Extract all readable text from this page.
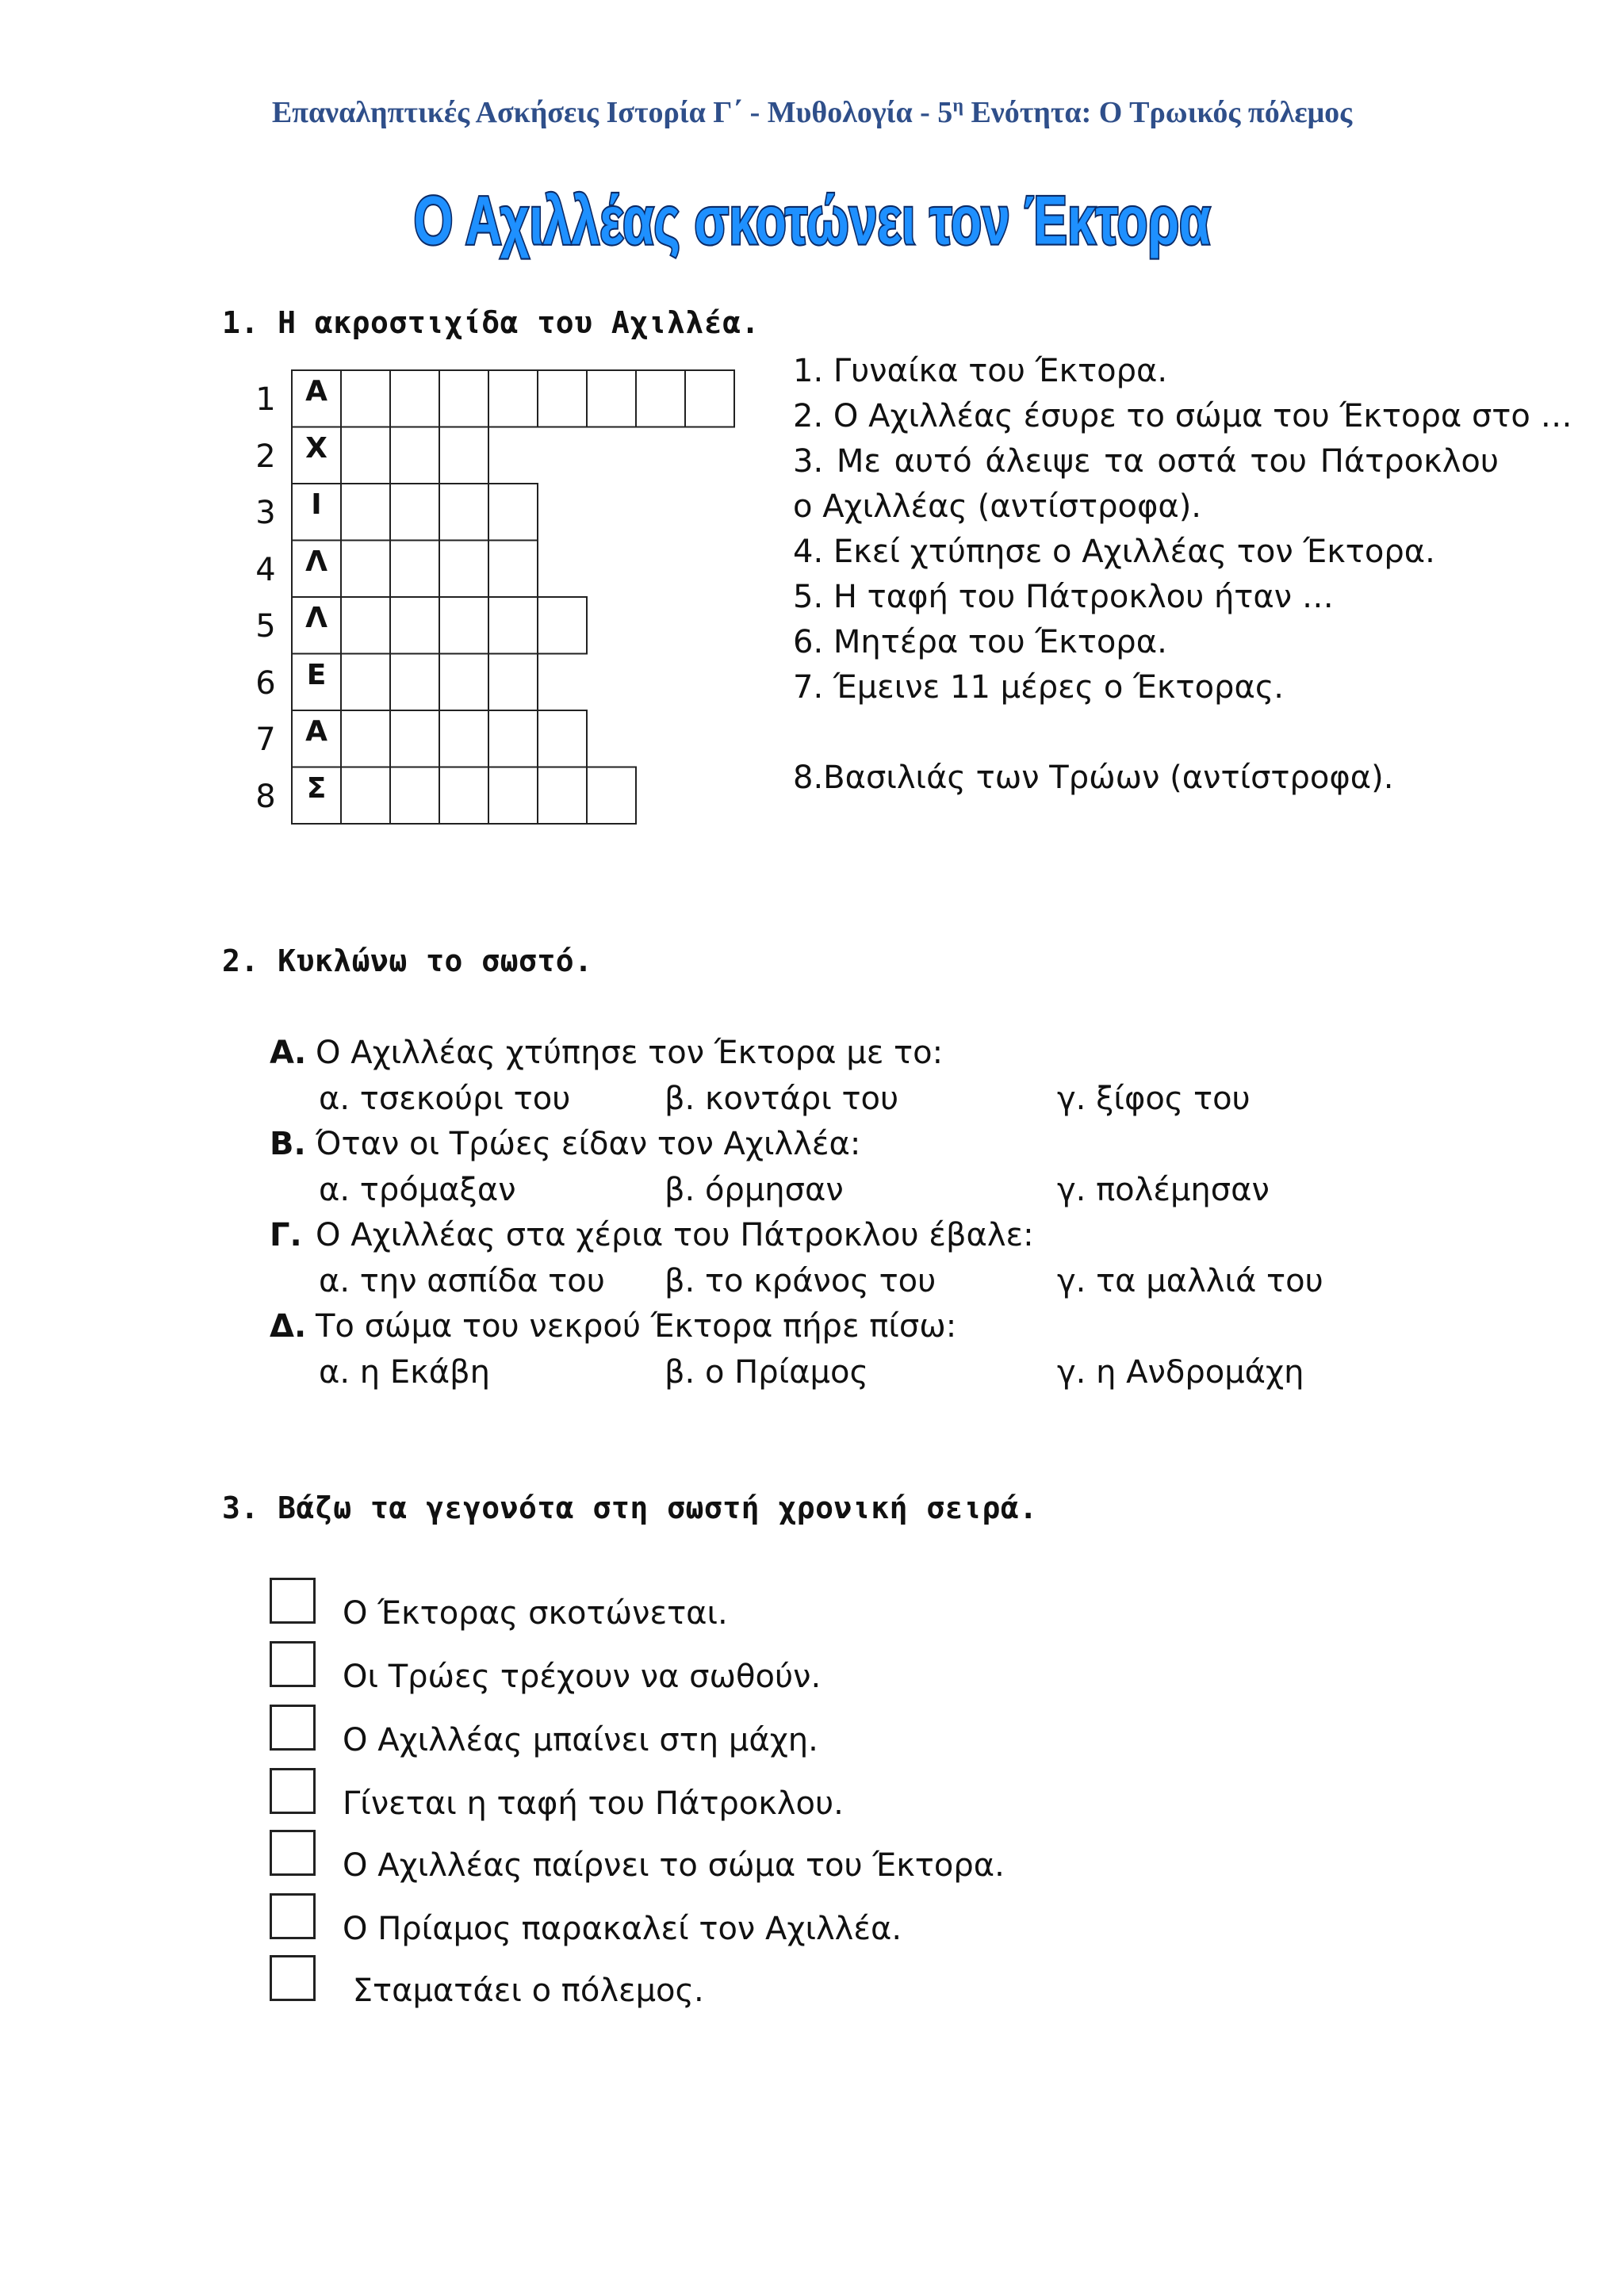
Επαναληπτικές Ασκήσεις Ιστορία Γ΄ - Μυθολογία - $5^\eta$ Ενότητα: Ο Τρωικός πόλεμος
Ο Αχιλλέας σκοτώνει τον Έκτορα
1. Η ακροστιχίδα του Αχιλλέα.
1	Α
2	Χ
3	Ι
4	Λ
5	Λ
6	Ε
7	Α
8	Σ
1. Γυναίκα του Έκτορα.
2. Ο Αχιλλέας έσυρε το σώμα του Έκτορα στο …
3. Με αυτό άλειψε τα οστά του Πάτροκλου ο Αχιλλέας (αντίστροφα).
4. Εκεί χτύπησε ο Αχιλλέας τον Έκτορα.
5. Η ταφή του Πάτροκλου ήταν …
6. Μητέρα του Έκτορα.
7. Έμεινε 11 μέρες ο Έκτορας.
8.Βασιλιάς των Τρώων (αντίστροφα).
2. Κυκλώνω το σωστό.
Α. Ο Αχιλλέας χτύπησε τον Έκτορα με το:
α. τσεκούρι του	β. κοντάρι του	γ. ξίφος του
Β. Όταν οι Τρώες είδαν τον Αχιλλέα:
α. τρόμαξαν	β. όρμησαν	γ. πολέμησαν
Γ. Ο Αχιλλέας στα χέρια του Πάτροκλου έβαλε:
α. την ασπίδα του β. το κράνος του	γ. τα μαλλιά του
Δ. Το σώμα του νεκρού Έκτορα πήρε πίσω:
α. η Εκάβη	β. ο Πρίαμος	γ. η Ανδρομάχη
3. Βάζω τα γεγονότα στη σωστή χρονική σειρά.
Ο Έκτορας σκοτώνεται.
Οι Τρώες τρέχουν να σωθούν.
Ο Αχιλλέας μπαίνει στη μάχη.
Γίνεται η ταφή του Πάτροκλου.
Ο Αχιλλέας παίρνει το σώμα του Έκτορα.
Ο Πρίαμος παρακαλεί τον Αχιλλέα.
Σταματάει ο πόλεμος.
